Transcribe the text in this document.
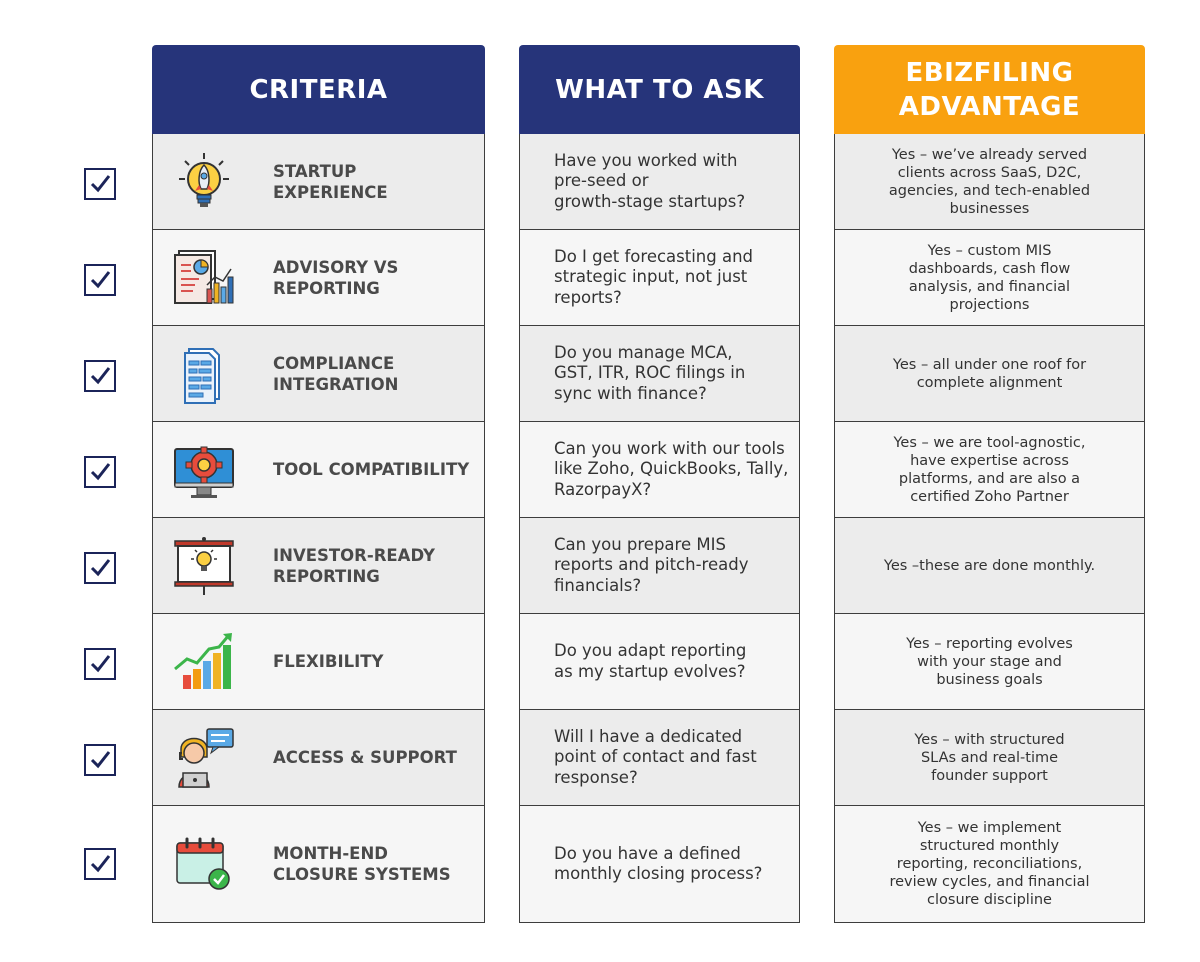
CRITERIA	WHAT TO ASK
EBIZFILING
ADVANTAGE
STARTUP
EXPERIENCE
Have you worked with
pre-seed or
growth-stage startups?
Yes – we’ve already served
clients across SaaS, D2C,
agencies, and tech-enabled
businesses
ADVISORY VS
REPORTING
Do I get forecasting and
strategic input, not just
reports?
Yes – custom MIS
dashboards, cash flow
analysis, and financial
projections
COMPLIANCE
INTEGRATION
Do you manage MCA,
GST, ITR, ROC filings in
sync with finance?
Yes – all under one roof for
complete alignment
TOOL COMPATIBILITY
Can you work with our tools
like Zoho, QuickBooks, Tally,
RazorpayX?
Yes – we are tool-agnostic,
have expertise across
platforms, and are also a
certified Zoho Partner
INVESTOR-READY
REPORTING
Can you prepare MIS
reports and pitch-ready
financials?
Yes –these are done monthly.
FLEXIBILITY
Do you adapt reporting
as my startup evolves?
Yes – reporting evolves
with your stage and
business goals
ACCESS & SUPPORT
Will I have a dedicated
point of contact and fast
response?
Yes – with structured
SLAs and real-time
founder support
MONTH-END
CLOSURE SYSTEMS
Do you have a defined
monthly closing process?
Yes – we implement
structured monthly
reporting, reconciliations,
review cycles, and financial
closure discipline
